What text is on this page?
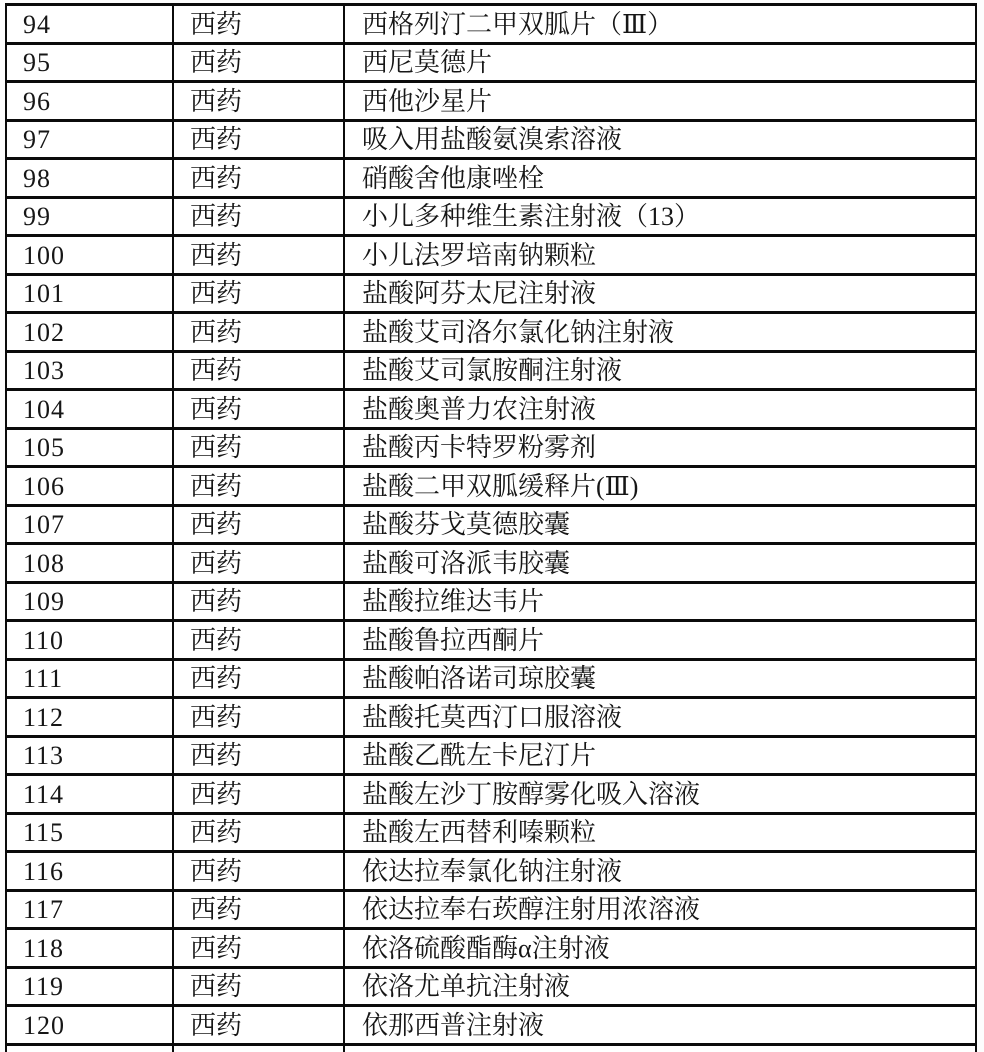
94	西药	西格列汀二甲双胍片（Ⅲ）
95	西药	西尼莫德片
96	西药	西他沙星片
97	西药	吸入用盐酸氨溴索溶液
98	西药	硝酸舍他康唑栓
99	西药	小儿多种维生素注射液（13）
100	西药	小儿法罗培南钠颗粒
101	西药	盐酸阿芬太尼注射液
102	西药	盐酸艾司洛尔氯化钠注射液
103	西药	盐酸艾司氯胺酮注射液
104	西药	盐酸奥普力农注射液
105	西药	盐酸丙卡特罗粉雾剂
106	西药	盐酸二甲双胍缓释片(Ⅲ)
107	西药	盐酸芬戈莫德胶囊
108	西药	盐酸可洛派韦胶囊
109	西药	盐酸拉维达韦片
110	西药	盐酸鲁拉西酮片
111	西药	盐酸帕洛诺司琼胶囊
112	西药	盐酸托莫西汀口服溶液
113	西药	盐酸乙酰左卡尼汀片
114	西药	盐酸左沙丁胺醇雾化吸入溶液
115	西药	盐酸左西替利嗪颗粒
116	西药	依达拉奉氯化钠注射液
117	西药	依达拉奉右莰醇注射用浓溶液
118	西药	依洛硫酸酯酶α注射液
119	西药	依洛尤单抗注射液
120	西药	依那西普注射液
